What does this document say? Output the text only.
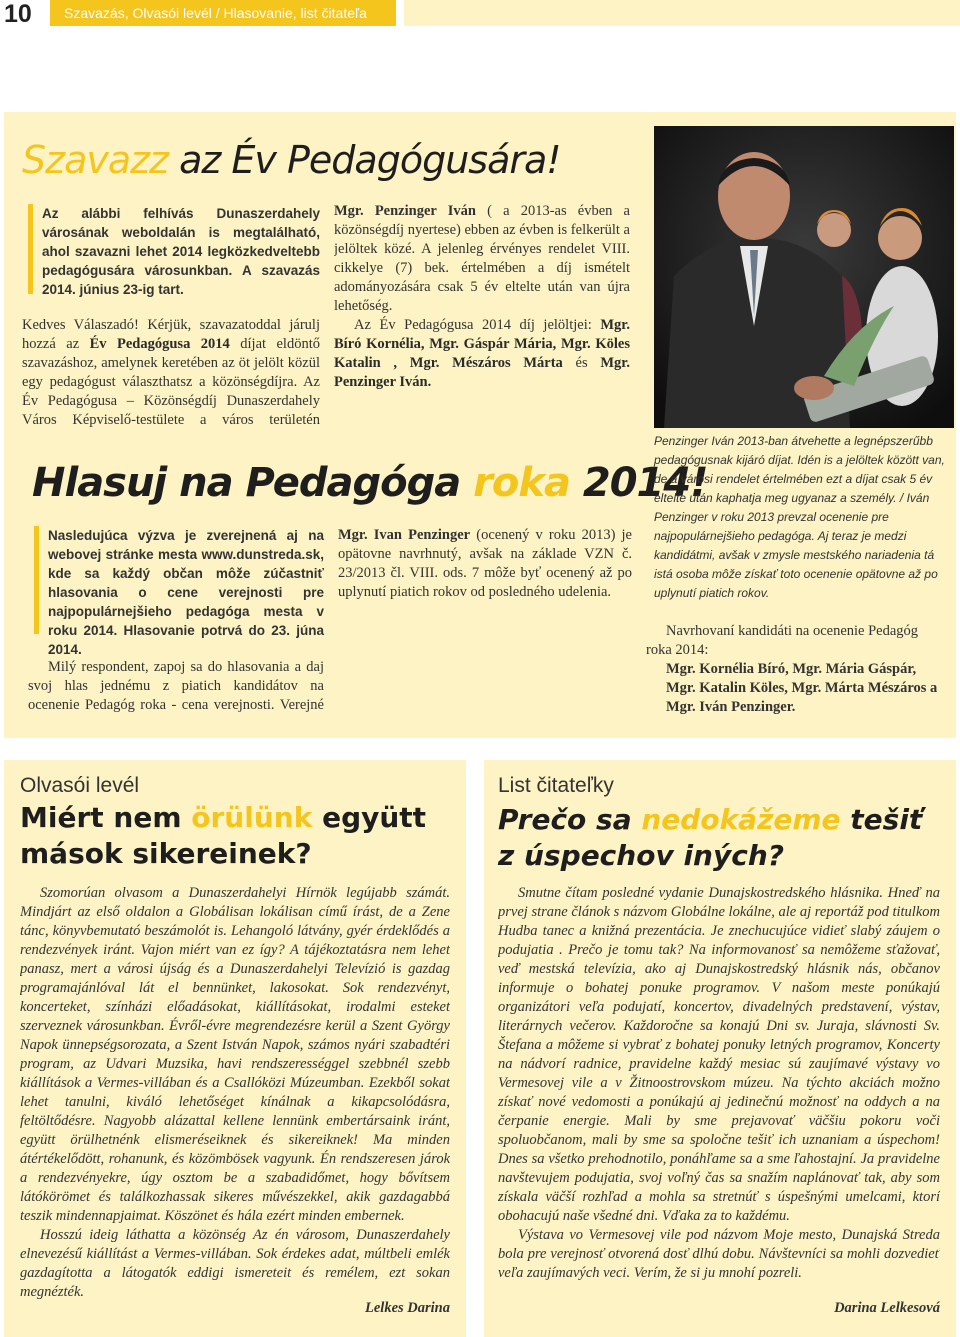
10	Szavazás, Olvasói levél / Hlasovanie, list čitateľa
Szavazz az Év Pedagógusára!
Az alábbi felhívás Dunaszerdahely városának weboldalán is megtalálható, ahol szavazni lehet 2014 legközkedveltebb pedagógusára városunkban. A szavazás 2014. június 23-ig tart.

Kedves Válaszadó! Kérjük, szavazatoddal járulj hozzá az Év Pedagógusa 2014 díjat eldöntő szavazáshoz, amelynek keretében az öt jelölt közül egy pedagógust választhatsz a közönségdíjra. Az Év Pedagógusa – Közönségdíj Dunaszerdahely Város Képviselő-testülete a város területén

Mgr. Penzinger Iván ( a 2013-as évben a közönségdíj nyertese) ebben az évben is felkerült a jelöltek közé. A jelenleg érvényes rendelet VIII. cikkelye (7) bek. értelmében a díj ismételt adományozására csak 5 év eltelte után van újra lehetőség.

Az Év Pedagógusa 2014 díj jelöltjei: Mgr. Bíró Kornélia, Mgr. Gáspár Mária, Mgr. Köles Katalin , Mgr. Mészáros Márta és Mgr. Penzinger Iván.

Hlasuj na Pedagóga roka 2014!
Nasledujúca výzva je zverejnená aj na webovej stránke mesta www.dunstreda.sk, kde sa každý občan môže zúčastniť hlasovania o cene verejnosti pre najpopulárnejšieho pedagóga mesta v roku 2014. Hlasovanie potrvá do 23. júna 2014.

Milý respondent, zapoj sa do hlasovania a daj svoj hlas jednému z piatich kandidátov na ocenenie Pedagóg roka - cena verejnosti. Verejné

Mgr. Ivan Penzinger (ocenený v roku 2013) je opätovne navrhnutý, avšak na základe VZN č. 23/2013 čl. VIII. ods. 7 môže byť ocenený až po uplynutí piatich rokov od posledného udelenia.

Penzinger Iván 2013-ban átvehette a legnépszerűbb pedagógusnak kijáró díjat. Idén is a jelöltek között van, de a városi rendelet értelmében ezt a díjat csak 5 év eltelte után kaphatja meg ugyanaz a személy. / Iván Penzinger v roku 2013 prevzal ocenenie pre najpopulárnejšieho pedagóga. Aj teraz je medzi kandidátmi, avšak v zmysle mestského nariadenia tá istá osoba môže získať toto ocenenie opätovne až po uplynutí piatich rokov.

Navrhovaní kandidáti na ocenenie Pedagóg roka 2014:

Mgr. Kornélia Bíró, Mgr. Mária Gáspár, Mgr. Katalin Köles, Mgr. Márta Mészáros a Mgr. Iván Penzinger.

Olvasói levél
Miért nem örülünk együtt
mások sikereinek?

Szomorúan olvasom a Dunaszerdahelyi Hírnök legújabb számát. Mindjárt az első oldalon a Globálisan lokálisan című írást, de a Zene tánc, könyvbemutató beszámolót is. Lehangoló látvány, gyér érdeklődés a rendezvények iránt. Vajon miért van ez így? A tájékoztatásra nem lehet panasz, mert a városi újság és a Dunaszerdahelyi Televízió is gazdag programajánlóval lát el bennünket, lakosokat. Sok rendezvényt, koncerteket, színházi előadásokat, kiállításokat, irodalmi esteket szerveznek városunkban. Évről-évre megrendezésre kerül a Szent György Napok ünnepségsorozata, a Szent István Napok, számos nyári szabadtéri program, az Udvari Muzsika, havi rendszerességgel szebbnél szebb kiállítások a Vermes-villában és a Csallóközi Múzeumban. Ezekből sokat lehet tanulni, kiváló lehetőséget kínálnak a kikapcsolódásra, feltöltődésre. Nagyobb alázattal kellene lennünk embertársaink iránt, együtt örülhetnénk elismeréseiknek és sikereiknek! Ma minden átértékelődött, rohanunk, és közömbösek vagyunk. Én rendszeresen járok a rendezvényekre, úgy osztom be a szabadidőmet, hogy bővítsem látókörömet és találkozhassak sikeres művészekkel, akik gazdagabbá teszik mindennapjaimat. Köszönet és hála ezért minden embernek.

Hosszú ideig láthatta a közönség Az én városom, Dunaszerdahely elnevezésű kiállítást a Vermes-villában. Sok érdekes adat, múltbeli emlék gazdagította a látogatók eddigi ismereteit és remélem, ezt sokan megnézték.

Lelkes Darina
List čitateľky
Prečo sa nedokážeme tešiť
z úspechov iných?

Smutne čítam posledné vydanie Dunajskostredského hlásnika. Hneď na prvej strane článok s názvom Globálne lokálne, ale aj reportáž pod titulkom Hudba tanec a knižná prezentácia. Je znechucujúce vidieť slabý záujem o podujatia . Prečo je tomu tak? Na informovanosť sa nemôžeme sťažovať, veď mestská televízia, ako aj Dunajskostredský hlásnik nás, občanov informuje o bohatej ponuke programov. V našom meste ponúkajú organizátori veľa podujatí, koncertov, divadelných predstavení, výstav, literárnych večerov. Každoročne sa konajú Dni sv. Juraja, slávnosti Sv. Štefana a môžeme si vybrať z bohatej ponuky letných programov, Koncerty na nádvorí radnice, pravidelne každý mesiac sú zaujímavé výstavy vo Vermesovej vile a v Žitnoostrovskom múzeu. Na týchto akciách možno získať nové vedomosti a ponúkajú aj jedinečnú možnosť na oddych a na čerpanie energie. Mali by sme prejavovať väčšiu pokoru voči spoluobčanom, mali by sme sa spoločne tešiť ich uznaniam a úspechom! Dnes sa všetko prehodnotilo, ponáhľame sa a sme ľahostajní. Ja pravidelne navštevujem podujatia, svoj voľný čas sa snažím naplánovať tak, aby som získala väčší rozhľad a mohla sa stretnúť s úspešnými umelcami, ktorí obohacujú naše všedné dni. Vďaka za to každému.

Výstava vo Vermesovej vile pod názvom Moje mesto, Dunajská Streda bola pre verejnosť otvorená dosť dlhú dobu. Návštevníci sa mohli dozvedieť veľa zaujímavých veci. Verím, že si ju mnohí pozreli.

Darina Lelkesová
